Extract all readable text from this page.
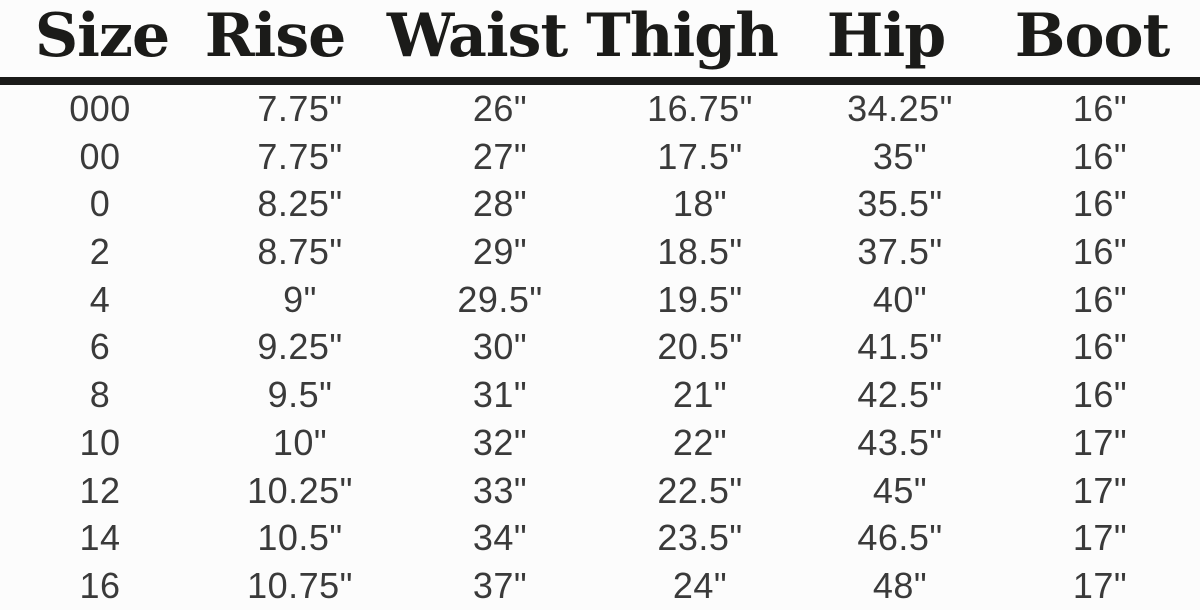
Size Rise Waist Thigh Hip	Boot
000	7.75"	26"	16.75"	34.25"	16"
00	7.75"	27"	17.5"	35"	16"
0	8.25"	28"	18"	35.5"	16"
2	8.75"	29"	18.5"	37.5"	16"
4	9"	29.5"	19.5"	40"	16"
6	9.25"	30"	20.5"	41.5"	16"
8	9.5"	31"	21"	42.5"	16"
10	10"	32"	22"	43.5"	17"
12	10.25"	33"	22.5"	45"	17"
14	10.5"	34"	23.5"	46.5"	17"
16	10.75"	37"	24"	48"	17"
